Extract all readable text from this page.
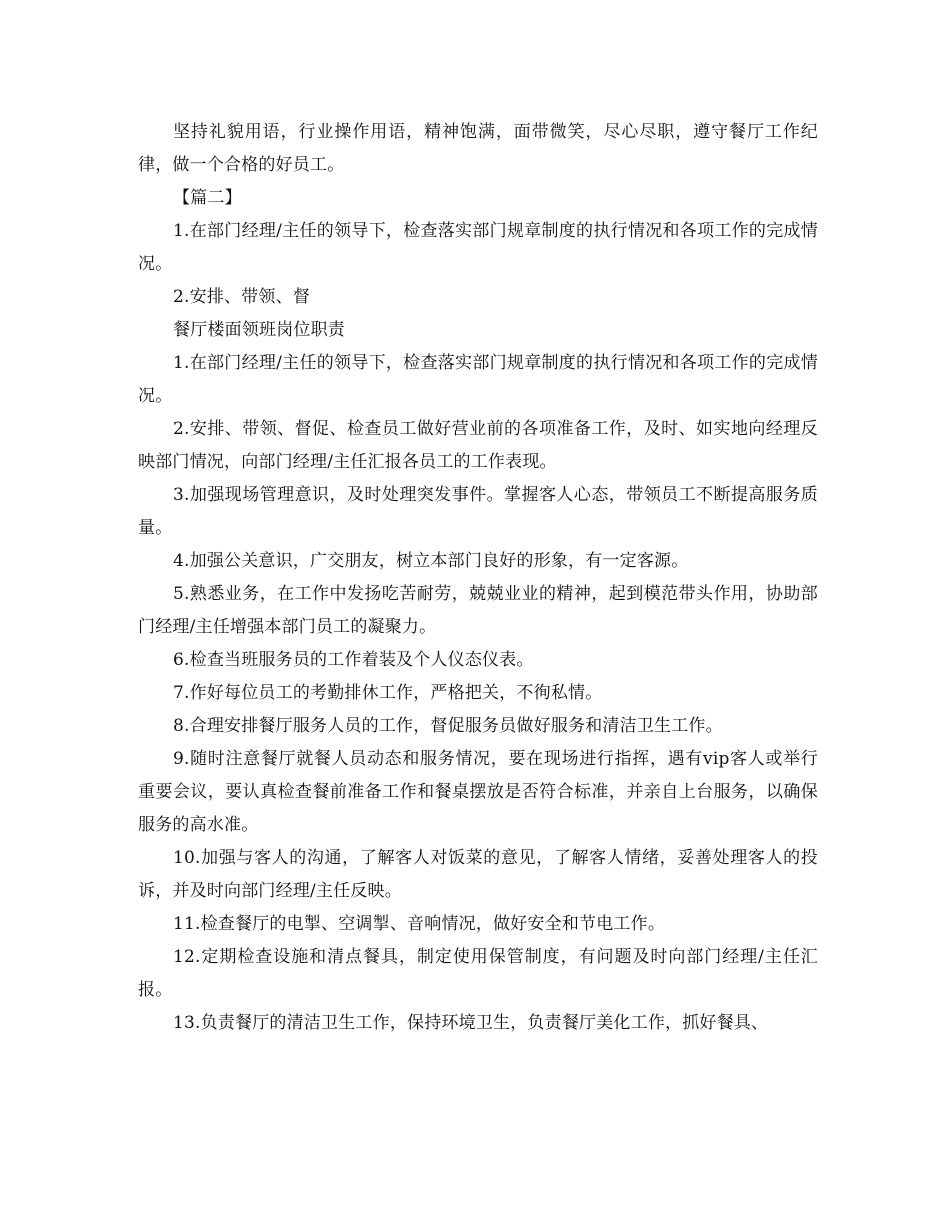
坚持礼貌用语，行业操作用语，精神饱满，面带微笑，尽心尽职，遵守餐厅工作纪律，做一个合格的好员工。

【篇二】

1.在部门经理/主任的领导下，检查落实部门规章制度的执行情况和各项工作的完成情况。

2.安排、带领、督

餐厅楼面领班岗位职责

1.在部门经理/主任的领导下，检查落实部门规章制度的执行情况和各项工作的完成情况。

2.安排、带领、督促、检查员工做好营业前的各项准备工作，及时、如实地向经理反映部门情况，向部门经理/主任汇报各员工的工作表现。

3.加强现场管理意识，及时处理突发事件。掌握客人心态，带领员工不断提高服务质量。

4.加强公关意识，广交朋友，树立本部门良好的形象，有一定客源。

5.熟悉业务，在工作中发扬吃苦耐劳，兢兢业业的精神，起到模范带头作用，协助部门经理/主任增强本部门员工的凝聚力。

6.检查当班服务员的工作着装及个人仪态仪表。

7.作好每位员工的考勤排休工作，严格把关，不徇私情。

8.合理安排餐厅服务人员的工作，督促服务员做好服务和清洁卫生工作。

9.随时注意餐厅就餐人员动态和服务情况，要在现场进行指挥，遇有vip客人或举行重要会议，要认真检查餐前准备工作和餐桌摆放是否符合标准，并亲自上台服务，以确保服务的高水准。

10.加强与客人的沟通，了解客人对饭菜的意见，了解客人情绪，妥善处理客人的投诉，并及时向部门经理/主任反映。

11.检查餐厅的电掣、空调掣、音响情况，做好安全和节电工作。

12.定期检查设施和清点餐具，制定使用保管制度，有问题及时向部门经理/主任汇报。

13.负责餐厅的清洁卫生工作，保持环境卫生，负责餐厅美化工作，抓好餐具、
